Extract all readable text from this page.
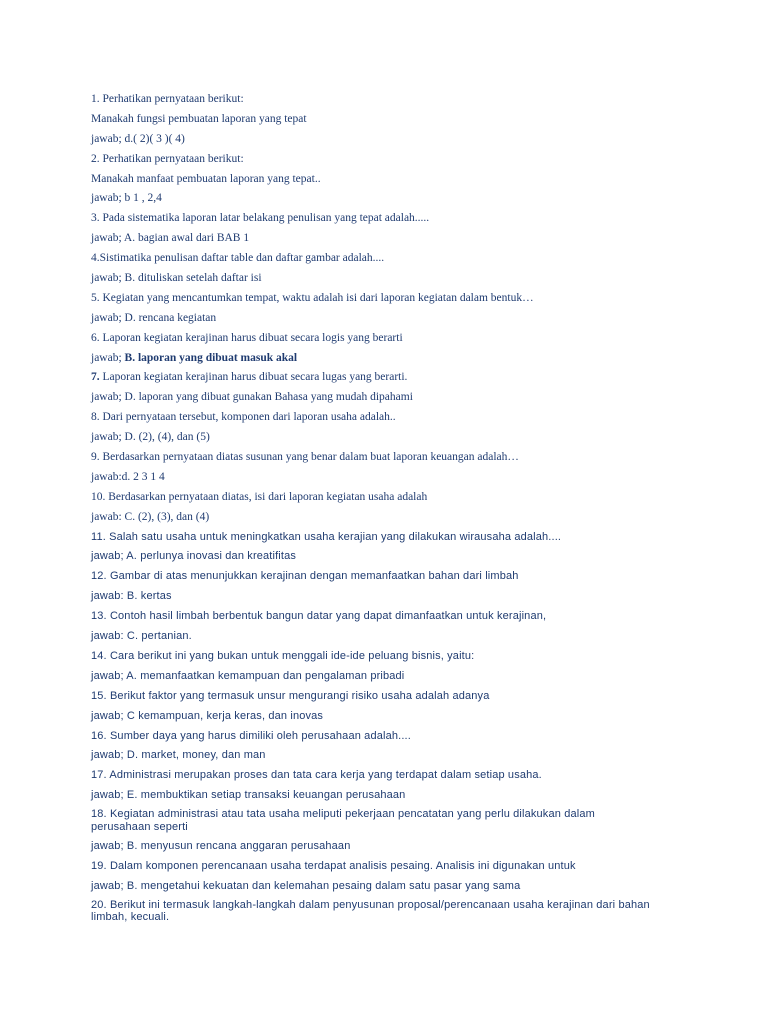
1. Perhatikan pernyataan berikut:
Manakah fungsi pembuatan laporan yang tepat
jawab; d.( 2)( 3 )( 4)
2. Perhatikan pernyataan berikut:
Manakah manfaat pembuatan laporan yang tepat..
jawab; b 1 , 2,4
3. Pada sistematika laporan latar belakang penulisan yang tepat adalah.....
jawab; A. bagian awal dari BAB 1
4.Sistimatika penulisan daftar table dan daftar gambar adalah....
jawab; B. dituliskan setelah daftar isi
5. Kegiatan yang mencantumkan tempat, waktu adalah isi dari laporan kegiatan dalam bentuk…
jawab; D. rencana kegiatan
6. Laporan kegiatan kerajinan harus dibuat secara logis yang berarti
jawab; B. laporan yang dibuat masuk akal
7. Laporan kegiatan kerajinan harus dibuat secara lugas yang berarti.
jawab; D. laporan yang dibuat gunakan Bahasa yang mudah dipahami
8. Dari pernyataan tersebut, komponen dari laporan usaha adalah..
jawab; D. (2), (4), dan (5)
9. Berdasarkan pernyataan diatas susunan yang benar dalam buat laporan keuangan adalah…
jawab:d. 2 3 1 4
10. Berdasarkan pernyataan diatas, isi dari laporan kegiatan usaha adalah
jawab: C. (2), (3), dan (4)
11. Salah satu usaha untuk meningkatkan usaha kerajian yang dilakukan wirausaha adalah....
jawab; A. perlunya inovasi dan kreatifitas
12. Gambar di atas menunjukkan kerajinan dengan memanfaatkan bahan dari limbah
jawab: B. kertas
13. Contoh hasil limbah berbentuk bangun datar yang dapat dimanfaatkan untuk kerajinan,
jawab: C. pertanian.
14. Cara berikut ini yang bukan untuk menggali ide-ide peluang bisnis, yaitu:
jawab; A. memanfaatkan kemampuan dan pengalaman pribadi
15. Berikut faktor yang termasuk unsur mengurangi risiko usaha adalah adanya
jawab; C kemampuan, kerja keras, dan inovas
16. Sumber daya yang harus dimiliki oleh perusahaan adalah....
jawab; D. market, money, dan man
17. Administrasi merupakan proses dan tata cara kerja yang terdapat dalam setiap usaha.
jawab; E. membuktikan setiap transaksi keuangan perusahaan
18. Kegiatan administrasi atau tata usaha meliputi pekerjaan pencatatan yang perlu dilakukan dalam perusahaan seperti
jawab; B. menyusun rencana anggaran perusahaan
19. Dalam komponen perencanaan usaha terdapat analisis pesaing. Analisis ini digunakan untuk
jawab; B. mengetahui kekuatan dan kelemahan pesaing dalam satu pasar yang sama
20. Berikut ini termasuk langkah-langkah dalam penyusunan proposal/perencanaan usaha kerajinan dari bahan limbah, kecuali.
